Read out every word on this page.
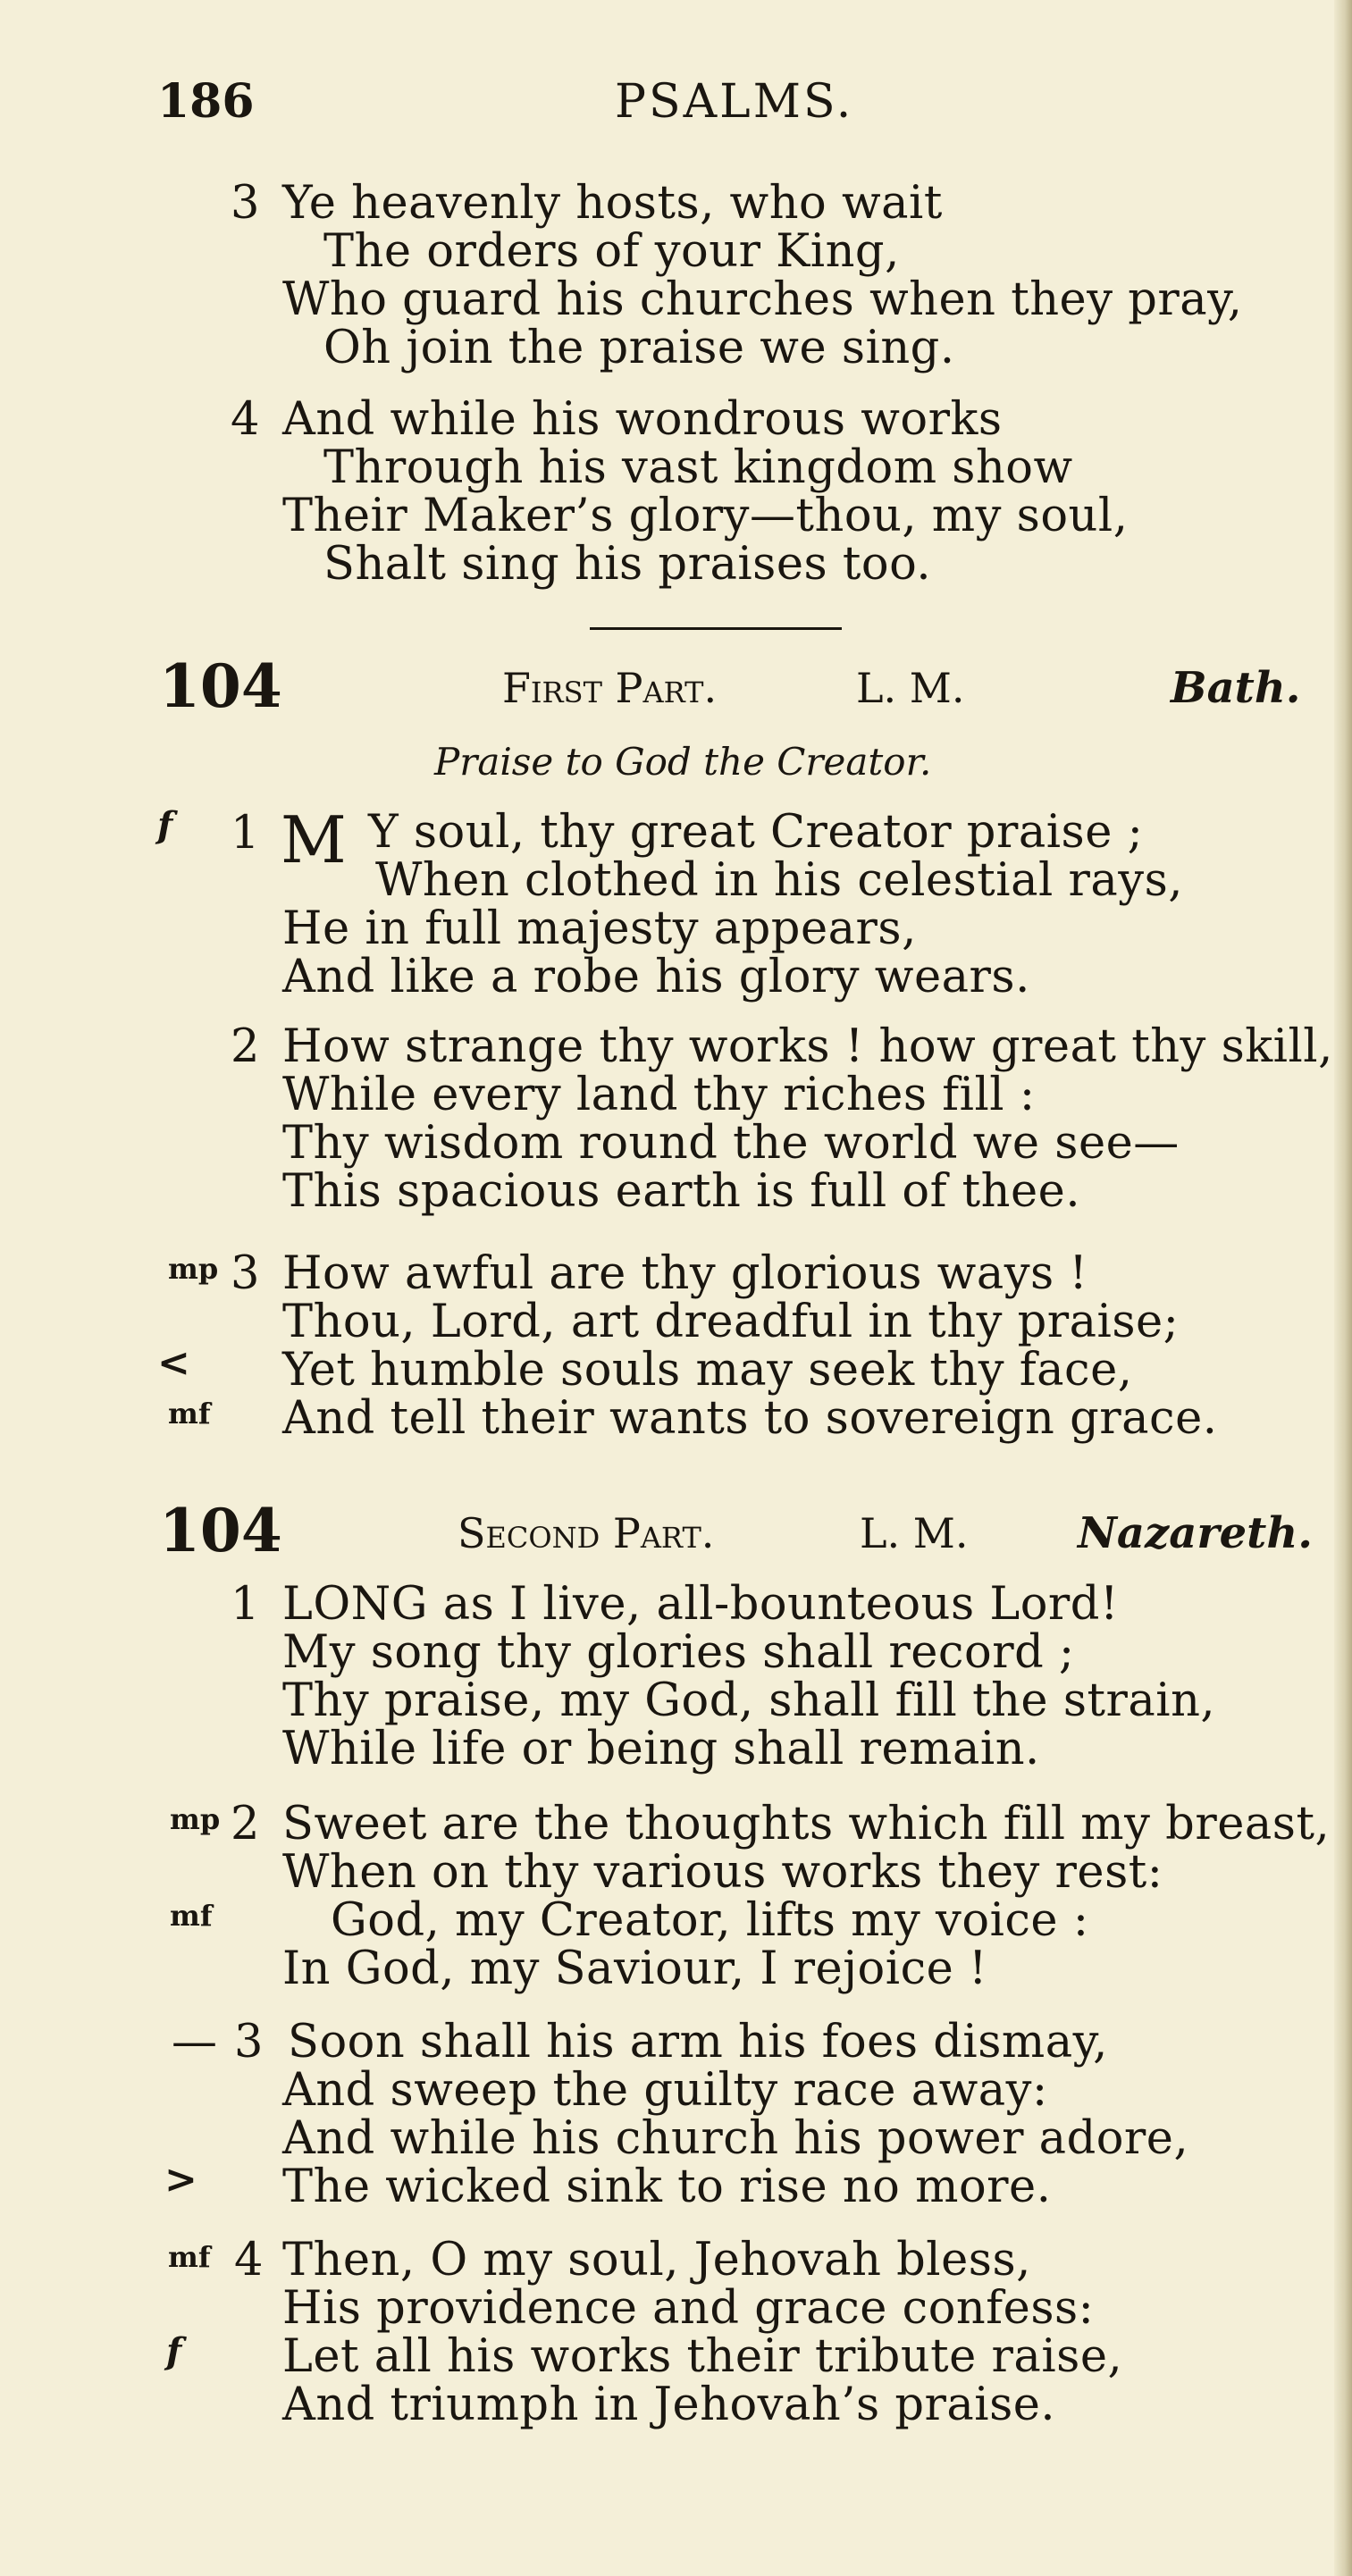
186	PSALMS.
3 Ye heavenly hosts, who wait
The orders of your King,
Who guard his churches when they pray,
Oh join the praise we sing.
4 And while his wondrous works
Through his vast kingdom show
Their Maker’s glory—thou, my soul,
Shalt sing his praises too.
104	First Part.	L. M.	Bath.
Praise to God the Creator.
f 1 M Y soul, thy great Creator praise ;
When clothed in his celestial rays,
He in full majesty appears,
And like a robe his glory wears.
2 How strange thy works ! how great thy skill,
While every land thy riches fill :
Thy wisdom round the world we see—
This spacious earth is full of thee.
mp 3 How awful are thy glorious ways !
Thou, Lord, art dreadful in thy praise;
< Yet humble souls may seek thy face,
mf And tell their wants to sovereign grace.
104	Second Part.	L. M.	Nazareth.
1 LONG as I live, all-bounteous Lord!
My song thy glories shall record ;
Thy praise, my God, shall fill the strain,
While life or being shall remain.
mp 2 Sweet are the thoughts which fill my breast,
When on thy various works they rest:
mf	God, my Creator, lifts my voice :
In God, my Saviour, I rejoice !
— 3 Soon shall his arm his foes dismay,
And sweep the guilty race away:
And while his church his power adore,
> The wicked sink to rise no more.
mf 4 Then, O my soul, Jehovah bless,
His providence and grace confess:
f Let all his works their tribute raise,
And triumph in Jehovah’s praise.
